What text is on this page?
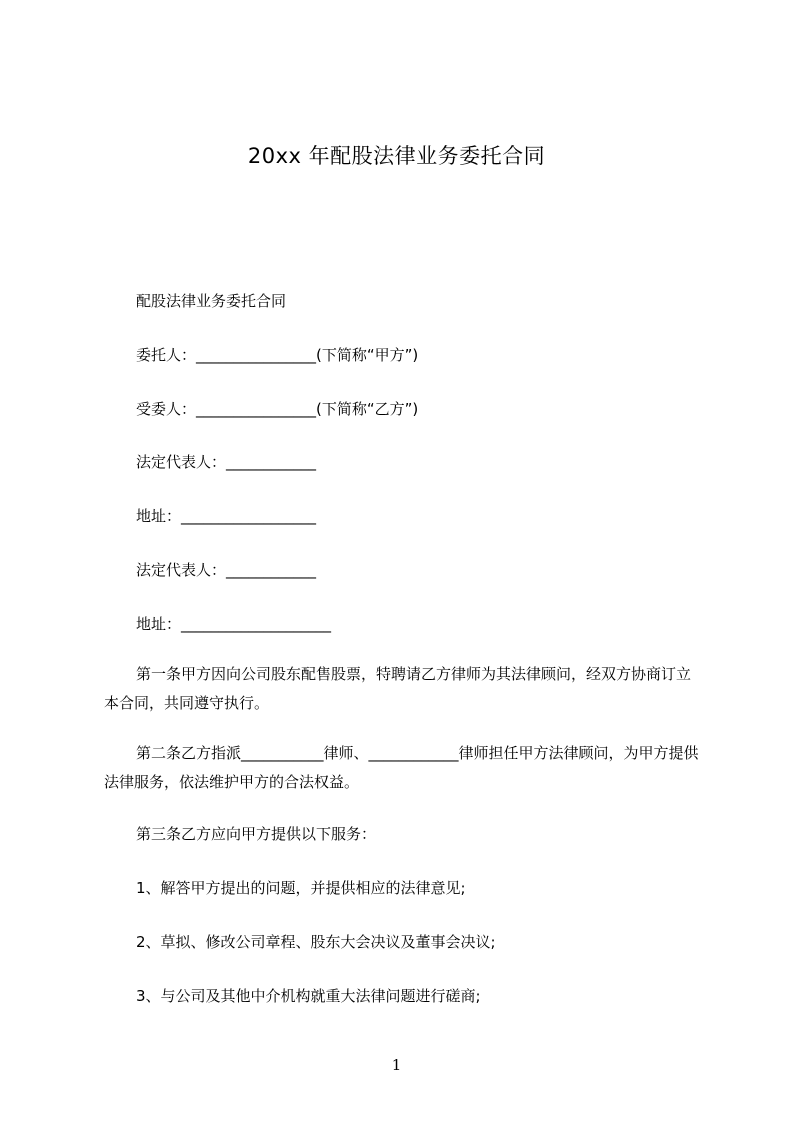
20xx 年配股法律业务委托合同
配股法律业务委托合同
委托人：________________(下简称“甲方”)
受委人：________________(下简称“乙方”)
法定代表人：____________
地址：__________________
法定代表人：____________
地址：____________________
第一条甲方因向公司股东配售股票，特聘请乙方律师为其法律顾问，经双方协商订立本合同，共同遵守执行。
第二条乙方指派___________律师、____________律师担任甲方法律顾问，为甲方提供法律服务，依法维护甲方的合法权益。
第三条乙方应向甲方提供以下服务：
1、解答甲方提出的问题，并提供相应的法律意见;
2、草拟、修改公司章程、股东大会决议及董事会决议;
3、与公司及其他中介机构就重大法律问题进行磋商;
1
